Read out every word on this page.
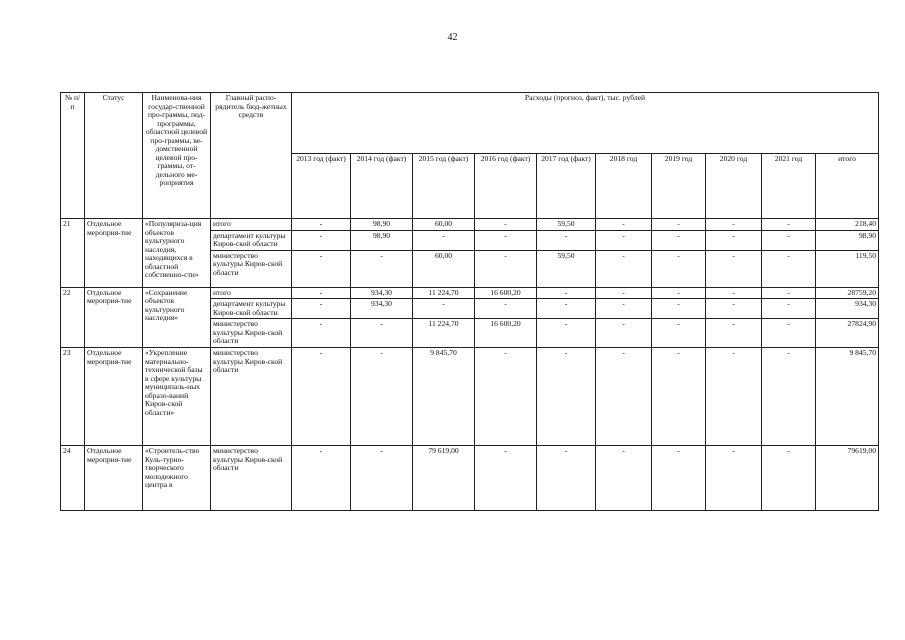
42
№ п/п	Статус	Наименова-ния государ-ственной про-граммы, под-программы, областной целевой про-граммы, ве-домственной целевой про-граммы, от-дельного ме-роприятия	Главный распо-рядитель бюд-жетных средств	Расходы (прогноз, факт), тыс. рублей									
				2013 год (факт)	2014 год (факт)	2015 год (факт)	2016 год (факт)	2017 год (факт)	2018 год	2019 год	2020 год	2021 год	итого
21	Отдельное мероприя-тие	«Популяриза-ция объектов культурного наследия, находящихся в областной собственно-сти»	итого	-	98,90	60,00	-	59,50	-	-	-	-	218,40
			департамент культуры Киров-ской области	-	98,90	-	-	-	-	-	-	-	98,90
			министерство культуры Киров-ской области	-	-	60,00	-	59,50	-	-	-	-	119,50
22	Отдельное мероприя-тие	«Сохранение объектов культурного наследия»	итого	-	934,30	11 224,70	16 600,20	-	-	-	-	-	28759,20
			департамент культуры Киров-ской области	-	934,30	-	-	-	-	-	-	-	934,30
			министерство культуры Киров-ской области	-	-	11 224,70	16 600,20	-	-	-	-	-	27824,90
23	Отдельное мероприя-тие	«Укрепление материально-технической базы в сфере культуры муниципаль-ных образо-ваний Киров-ской области»	министерство культуры Киров-ской области	-	-	9 845,70	-	-	-	-	-	-	9 845,70
24	Отдельное мероприя-тие	«Строитель-ство Куль-турно-творческого молодежного центра в	министерство культуры Киров-ской области	-	-	79 619,00	-	-	-	-	-	-	79619,00
